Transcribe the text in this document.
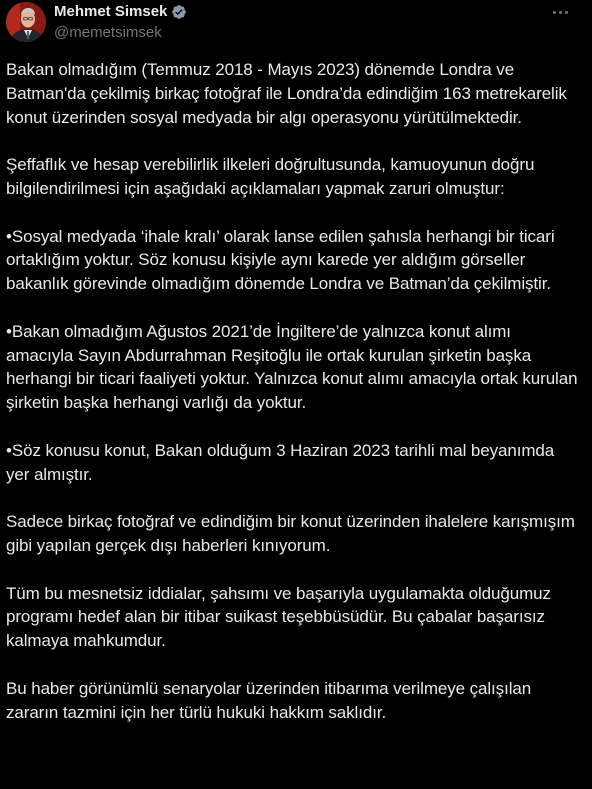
Mehmet Simsek
@memetsimsek

Bakan olmadığım (Temmuz 2018 - Mayıs 2023) dönemde Londra ve Batman'da çekilmiş birkaç fotoğraf ile Londra’da edindiğim 163 metrekarelik konut üzerinden sosyal medyada bir algı operasyonu yürütülmektedir.

Şeffaflık ve hesap verebilirlik ilkeleri doğrultusunda, kamuoyunun doğru bilgilendirilmesi için aşağıdaki açıklamaları yapmak zaruri olmuştur:

•Sosyal medyada ‘ihale kralı’ olarak lanse edilen şahısla herhangi bir ticari ortaklığım yoktur. Söz konusu kişiyle aynı karede yer aldığım görseller bakanlık görevinde olmadığım dönemde Londra ve Batman’da çekilmiştir.

•Bakan olmadığım Ağustos 2021’de İngiltere’de yalnızca konut alımı amacıyla Sayın Abdurrahman Reşitoğlu ile ortak kurulan şirketin başka herhangi bir ticari faaliyeti yoktur. Yalnızca konut alımı amacıyla ortak kurulan şirketin başka herhangi varlığı da yoktur.

•Söz konusu konut, Bakan olduğum 3 Haziran 2023 tarihli mal beyanımda yer almıştır.

Sadece birkaç fotoğraf ve edindiğim bir konut üzerinden ihalelere karışmışım gibi yapılan gerçek dışı haberleri kınıyorum.

Tüm bu mesnetsiz iddialar, şahsımı ve başarıyla uygulamakta olduğumuz programı hedef alan bir itibar suikast teşebbüsüdür. Bu çabalar başarısız kalmaya mahkumdur.

Bu haber görünümlü senaryolar üzerinden itibarıma verilmeye çalışılan zararın tazmini için her türlü hukuki hakkım saklıdır.
